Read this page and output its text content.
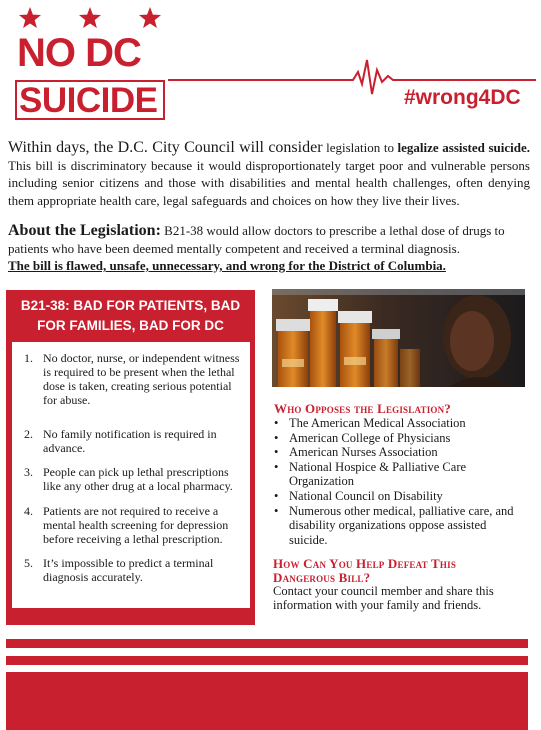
NO DC
SUICIDE	#wrong4DC
Within days, the D.C. City Council will consider legislation to legalize assisted suicide. This bill is discriminatory because it would disproportionately target poor and vulnerable persons including senior citizens and those with disabilities and mental health challenges, often denying them appropriate health care, legal safeguards and choices on how they live their lives.
About the Legislation: B21-38 would allow doctors to prescribe a lethal dose of drugs to patients who have been deemed mentally competent and received a terminal diagnosis.
The bill is flawed, unsafe, unnecessary, and wrong for the District of Columbia.
B21-38: BAD FOR PATIENTS, BAD
FOR FAMILIES, BAD FOR DC
1. No doctor, nurse, or independent witness is required to be present when the lethal dose is taken, creating serious potential for abuse.
2. No family notification is required in advance.
3. People can pick up lethal prescriptions like any other drug at a local pharmacy.
4. Patients are not required to receive a mental health screening for depression before receiving a lethal prescription.
5. It’s impossible to predict a terminal diagnosis accurately.
Who Opposes the Legislation?
• The American Medical Association
• American College of Physicians
• American Nurses Association
• National Hospice & Palliative Care Organization
• National Council on Disability
• Numerous other medical, palliative care, and disability organizations oppose assisted suicide.
How Can You Help Defeat This
Dangerous Bill?
Contact your council member and share this information with your family and friends.
